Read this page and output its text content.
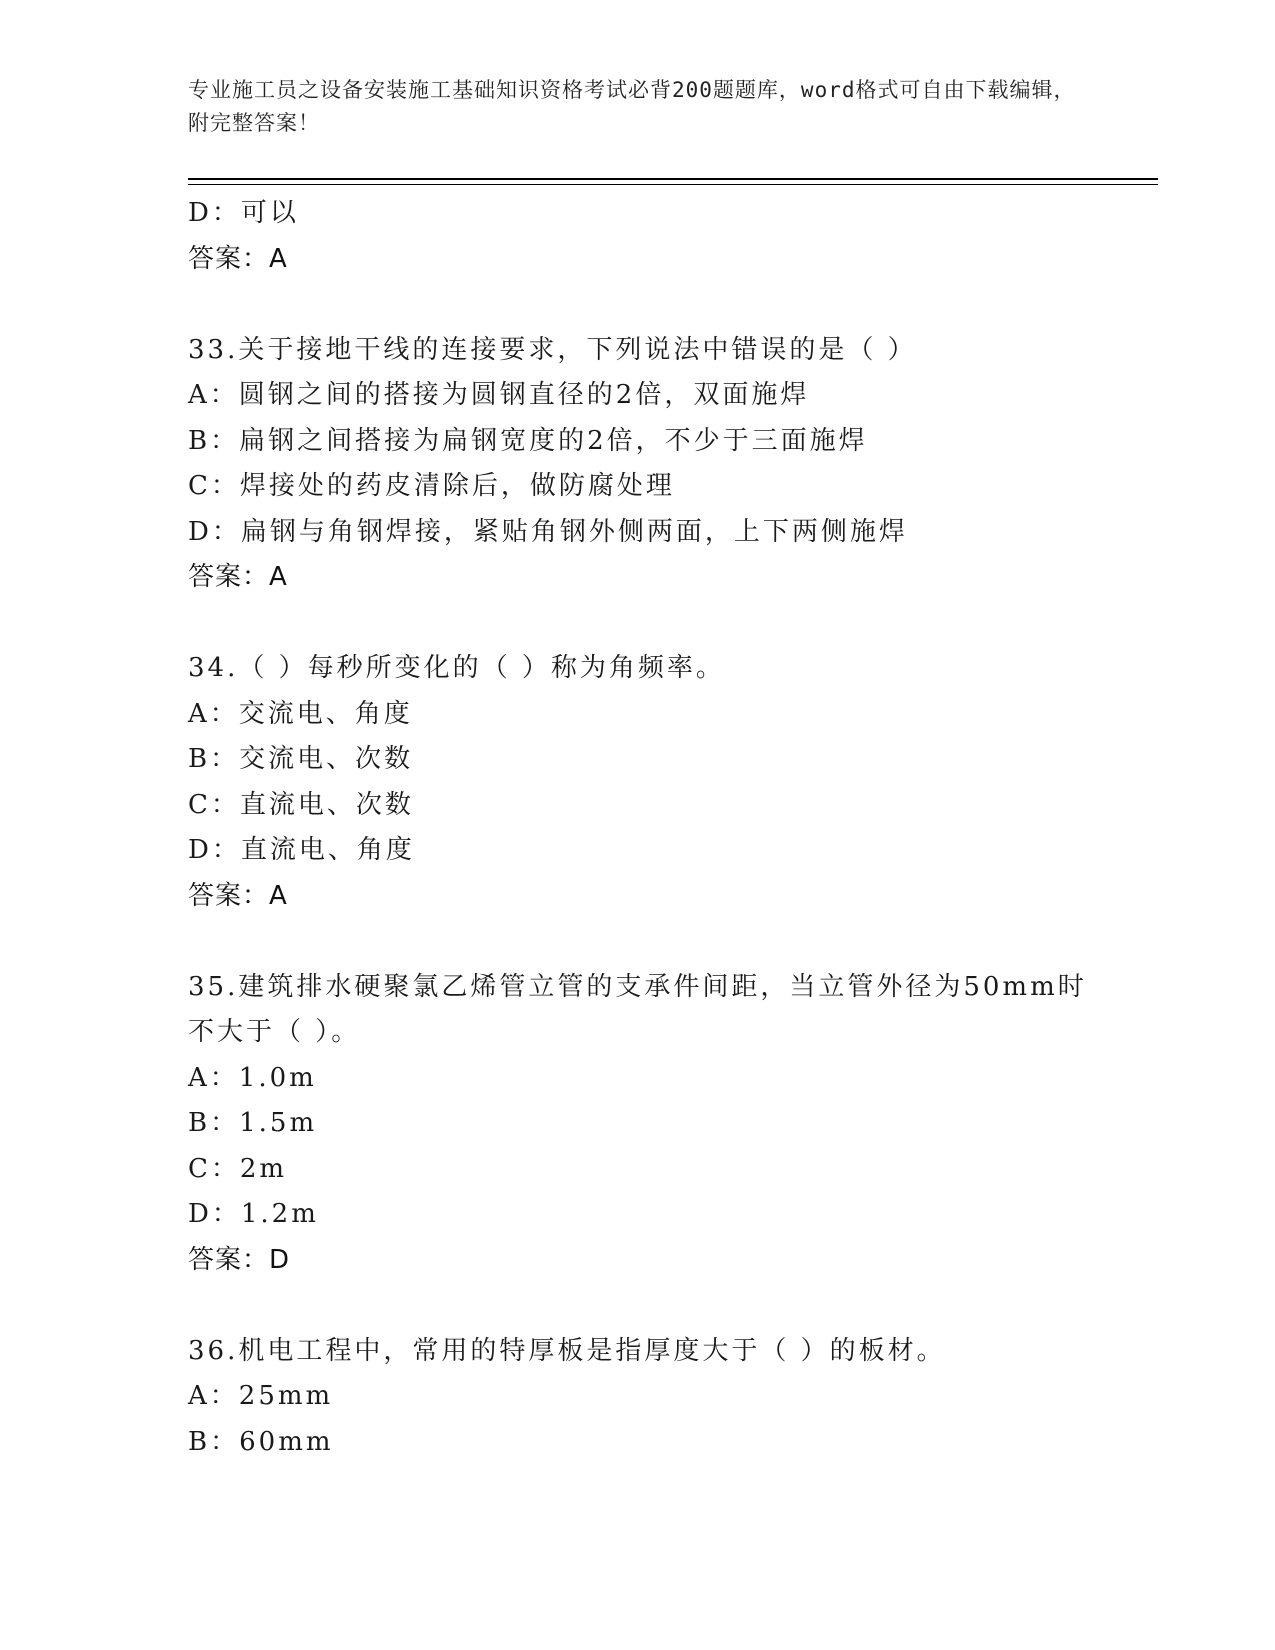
专业施工员之设备安装施工基础知识资格考试必背200题题库，word格式可自由下载编辑，附完整答案！
D：可以
答案：A
33.关于接地干线的连接要求，下列说法中错误的是（ ）
A：圆钢之间的搭接为圆钢直径的2倍，双面施焊
B：扁钢之间搭接为扁钢宽度的2倍，不少于三面施焊
C：焊接处的药皮清除后，做防腐处理
D：扁钢与角钢焊接，紧贴角钢外侧两面，上下两侧施焊
答案：A
34.（ ）每秒所变化的（ ）称为角频率。
A：交流电、角度
B：交流电、次数
C：直流电、次数
D：直流电、角度
答案：A
35.建筑排水硬聚氯乙烯管立管的支承件间距，当立管外径为50mm时
不大于（ ）。
A：1.0m
B：1.5m
C：2m
D：1.2m
答案：D
36.机电工程中，常用的特厚板是指厚度大于（ ）的板材。
A：25mm
B：60mm
